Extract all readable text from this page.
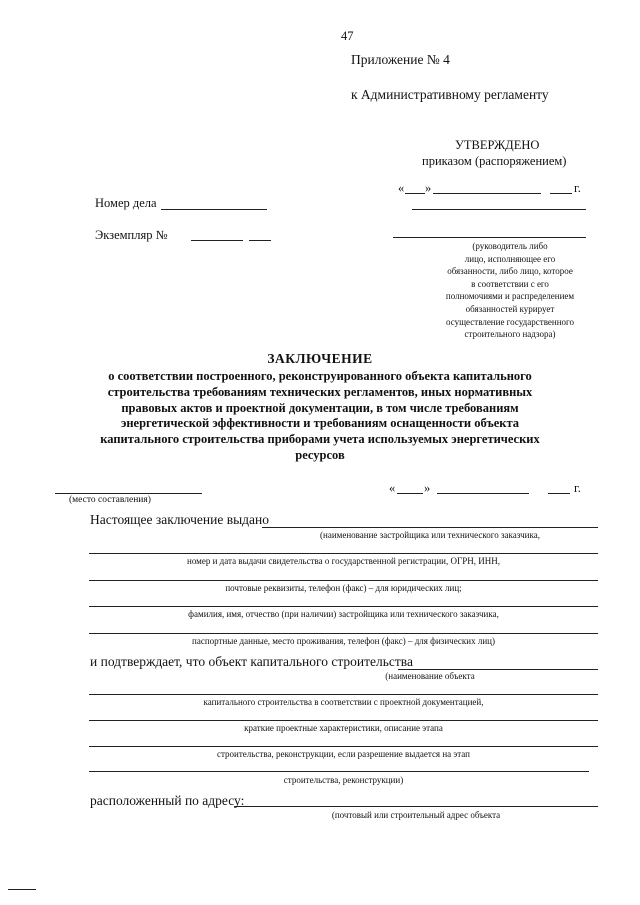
47
Приложение № 4
к Административному регламенту
УТВЕРЖДЕНО
приказом (распоряжением)
« »	г.
(руководитель либо
лицо, исполняющее его
обязанности, либо лицо, которое
в соответствии с его
полномочиями и распределением
обязанностей курирует
осуществление государственного
строительного надзора)
Номер дела
Экземпляр №
ЗАКЛЮЧЕНИЕ
о соответствии построенного, реконструированного объекта капитального
строительства требованиям технических регламентов, иных нормативных
правовых актов и проектной документации, в том числе требованиям
энергетической эффективности и требованиям оснащенности объекта
капитального строительства приборами учета используемых энергетических
ресурсов
(место составления)
« »	г.
Настоящее заключение выдано
(наименование застройщика или технического заказчика,
номер и дата выдачи свидетельства о государственной регистрации, ОГРН, ИНН,
почтовые реквизиты, телефон (факс) – для юридических лиц;
фамилия, имя, отчество (при наличии) застройщика или технического заказчика,
паспортные данные, место проживания, телефон (факс) – для физических лиц)
и подтверждает, что объект капитального строительства
(наименование объекта
капитального строительства в соответствии с проектной документацией,
краткие проектные характеристики, описание этапа
строительства, реконструкции, если разрешение выдается на этап
строительства, реконструкции)
расположенный по адресу:
(почтовый или строительный адрес объекта
